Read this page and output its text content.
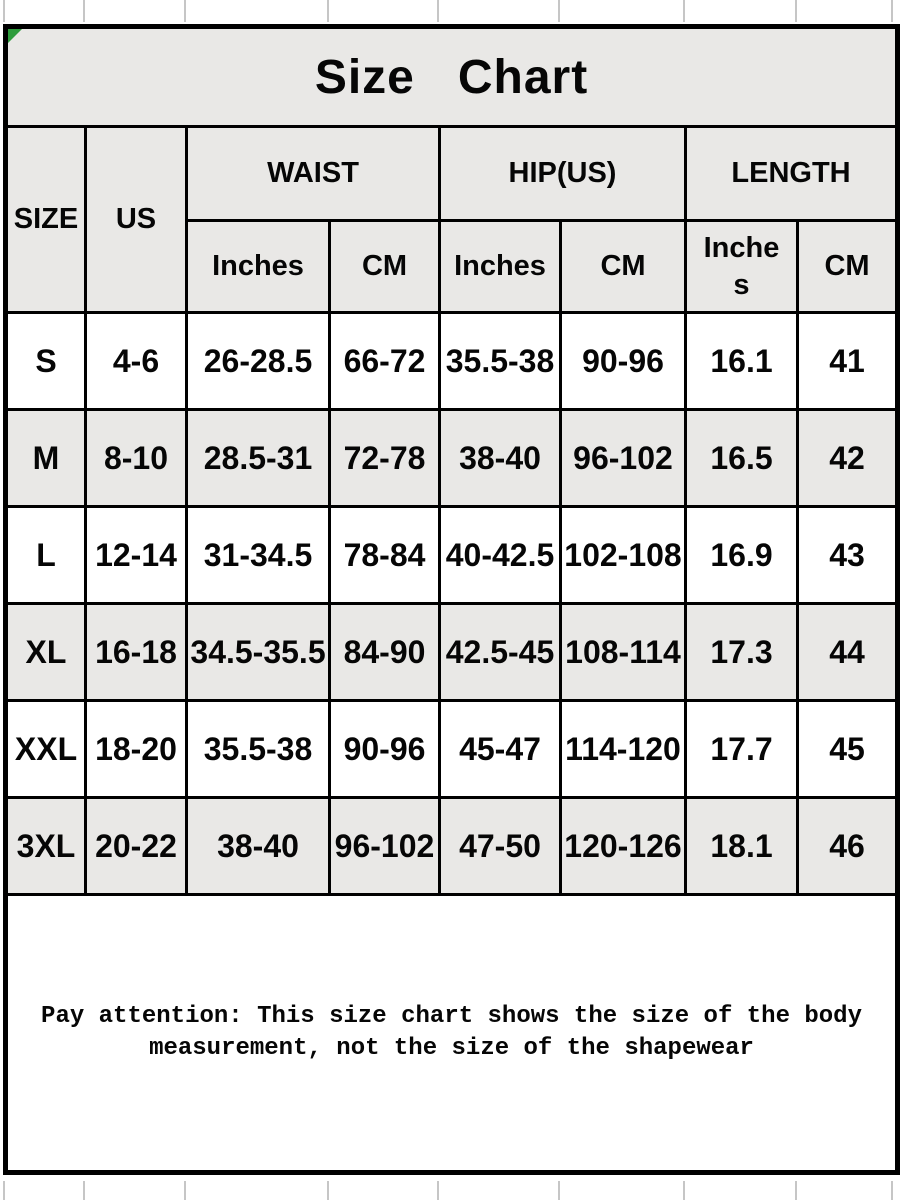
Size   Chart							

SIZE	US	WAIST		HIP(US)		LENGTH	
		Inches	CM	Inches	CM	Inches	CM
S	4-6	26-28.5	66-72	35.5-38	90-96	16.1	41
M	8-10	28.5-31	72-78	38-40	96-102	16.5	42
L	12-14	31-34.5	78-84	40-42.5	102-108	16.9	43
XL	16-18	34.5-35.5	84-90	42.5-45	108-114	17.3	44
XXL	18-20	35.5-38	90-96	45-47	114-120	17.7	45
3XL	20-22	38-40	96-102	47-50	120-126	18.1	46

Pay attention: This size chart shows the size of the body measurement, not the size of the shapewear							
